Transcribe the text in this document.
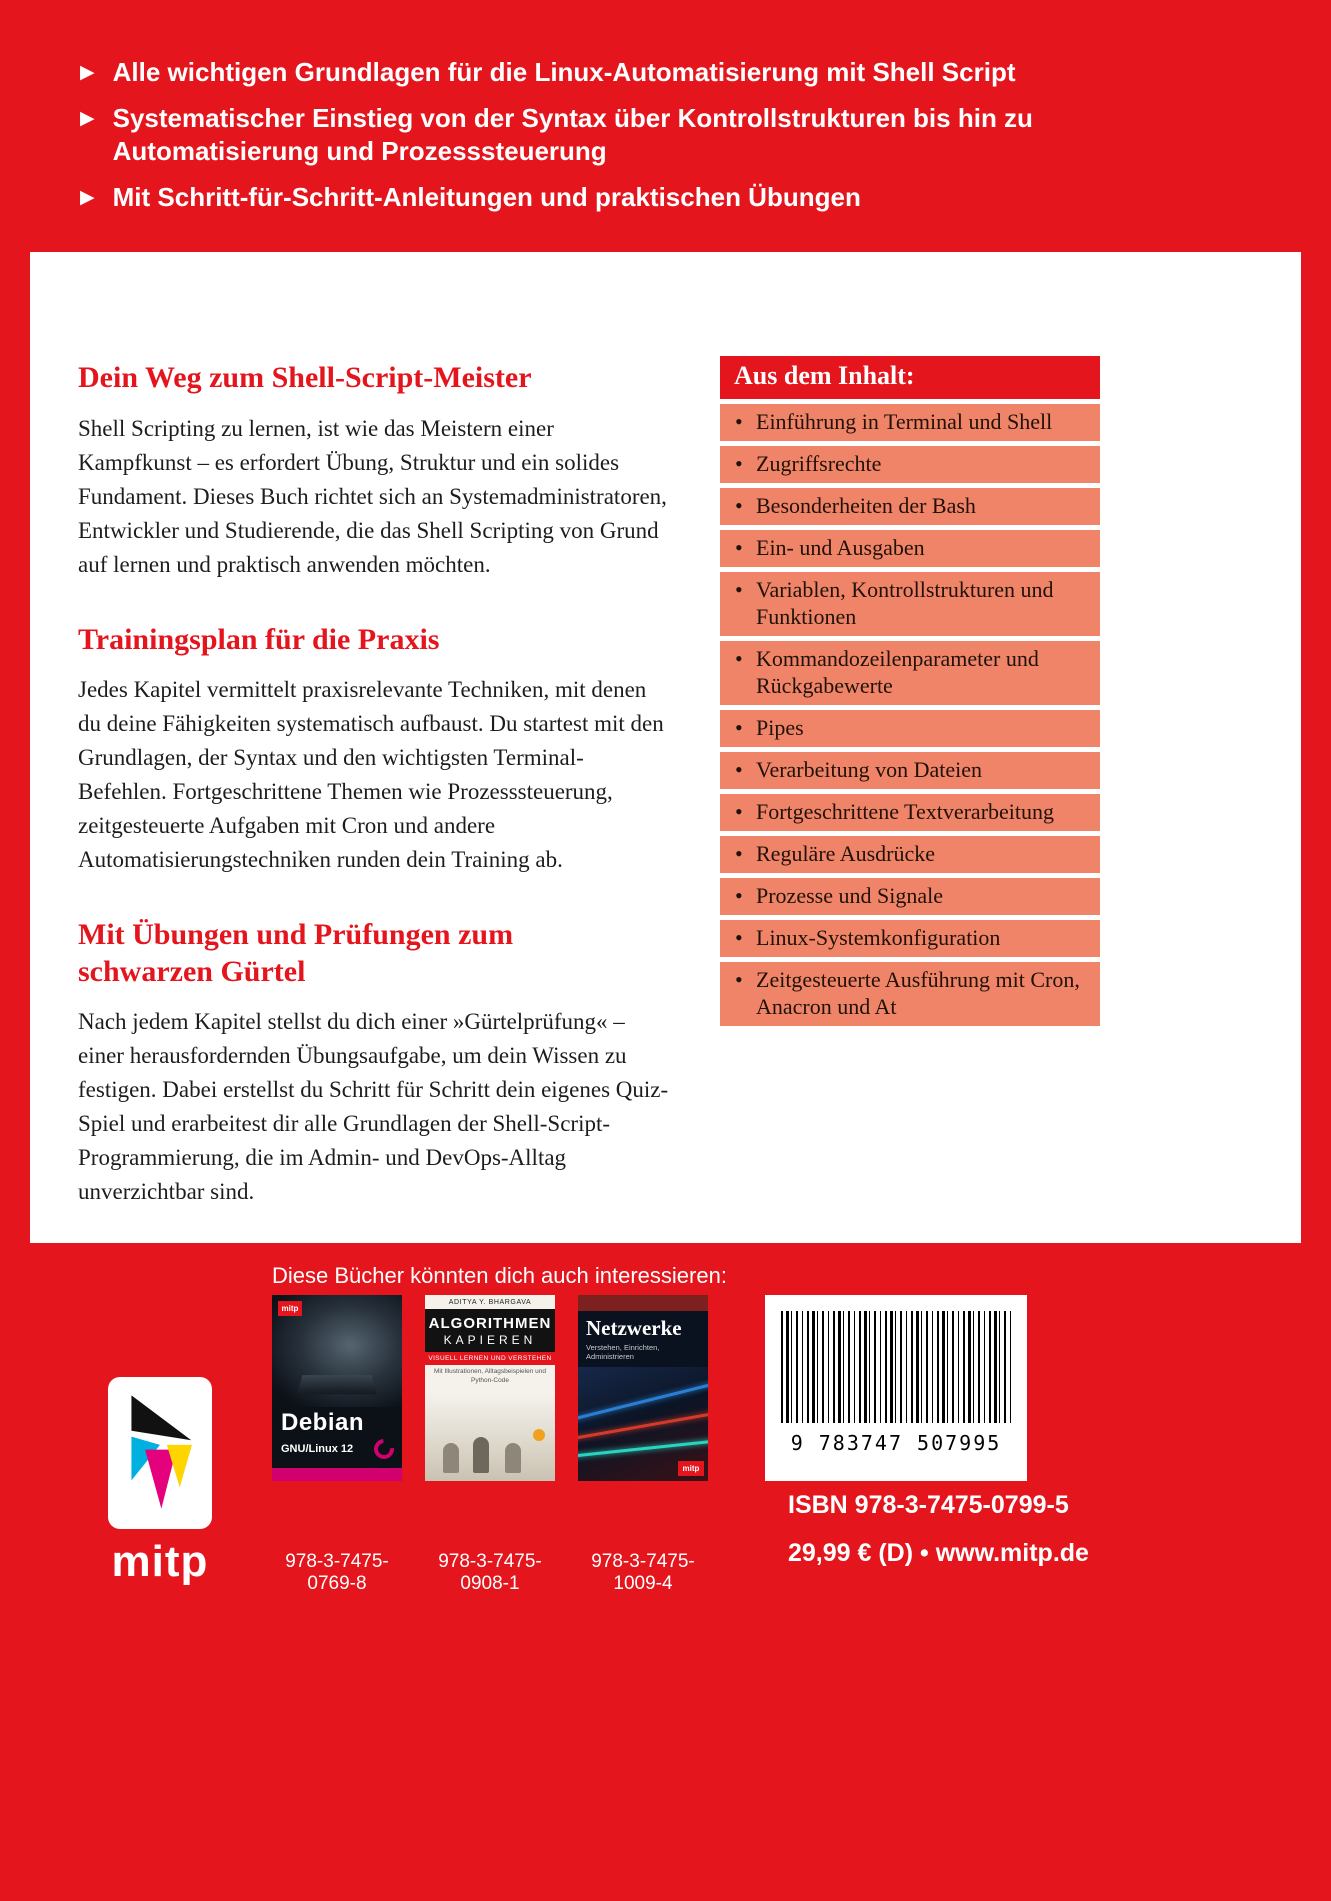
▶ Alle wichtigen Grundlagen für die Linux-Automatisierung mit Shell Script

▶ Systematischer Einstieg von der Syntax über Kontrollstrukturen bis hin zu Automatisierung und Prozesssteuerung

▶ Mit Schritt-für-Schritt-Anleitungen und praktischen Übungen

Dein Weg zum Shell-Script-Meister

Shell Scripting zu lernen, ist wie das Meistern einer Kampfkunst – es erfordert Übung, Struktur und ein solides Fundament. Dieses Buch richtet sich an Systemadministratoren, Entwickler und Studierende, die das Shell Scripting von Grund auf lernen und praktisch anwenden möchten.

Trainingsplan für die Praxis

Jedes Kapitel vermittelt praxisrelevante Techniken, mit denen du deine Fähigkeiten systematisch aufbaust. Du startest mit den Grundlagen, der Syntax und den wichtigsten Terminal-Befehlen. Fortgeschrittene Themen wie Prozesssteuerung, zeitgesteuerte Aufgaben mit Cron und andere Automatisierungstechniken runden dein Training ab.

Mit Übungen und Prüfungen zum schwarzen Gürtel

Nach jedem Kapitel stellst du dich einer »Gürtelprüfung« – einer herausfordernden Übungsaufgabe, um dein Wissen zu festigen. Dabei erstellst du Schritt für Schritt dein eigenes Quiz-Spiel und erarbeitest dir alle Grundlagen der Shell-Script-Programmierung, die im Admin- und DevOps-Alltag unverzichtbar sind.

Aus dem Inhalt:
• Einführung in Terminal und Shell
• Zugriffsrechte
• Besonderheiten der Bash
• Ein- und Ausgaben
• Variablen, Kontrollstrukturen und Funktionen
• Kommandozeilenparameter und Rückgabewerte
• Pipes
• Verarbeitung von Dateien
• Fortgeschrittene Textverarbeitung
• Reguläre Ausdrücke
• Prozesse und Signale
• Linux-Systemkonfiguration
• Zeitgesteuerte Ausführung mit Cron, Anacron und At

Diese Bücher könnten dich auch interessieren:

mitp
mitp
Debian
GNU/Linux 12
ADITYA Y. BHARGAVA
ALGORITHMEN
KAPIEREN
VISUELL LERNEN UND VERSTEHEN
Mit Illustrationen, Alltagsbeispielen und Python-Code
Netzwerke
Verstehen, Einrichten, Administrieren
mitp
978-3-7475-0769-8
978-3-7475-0908-1
978-3-7475-1009-4
9 783747 507995
ISBN 978-3-7475-0799-5
29,99 € (D) • www.mitp.de
